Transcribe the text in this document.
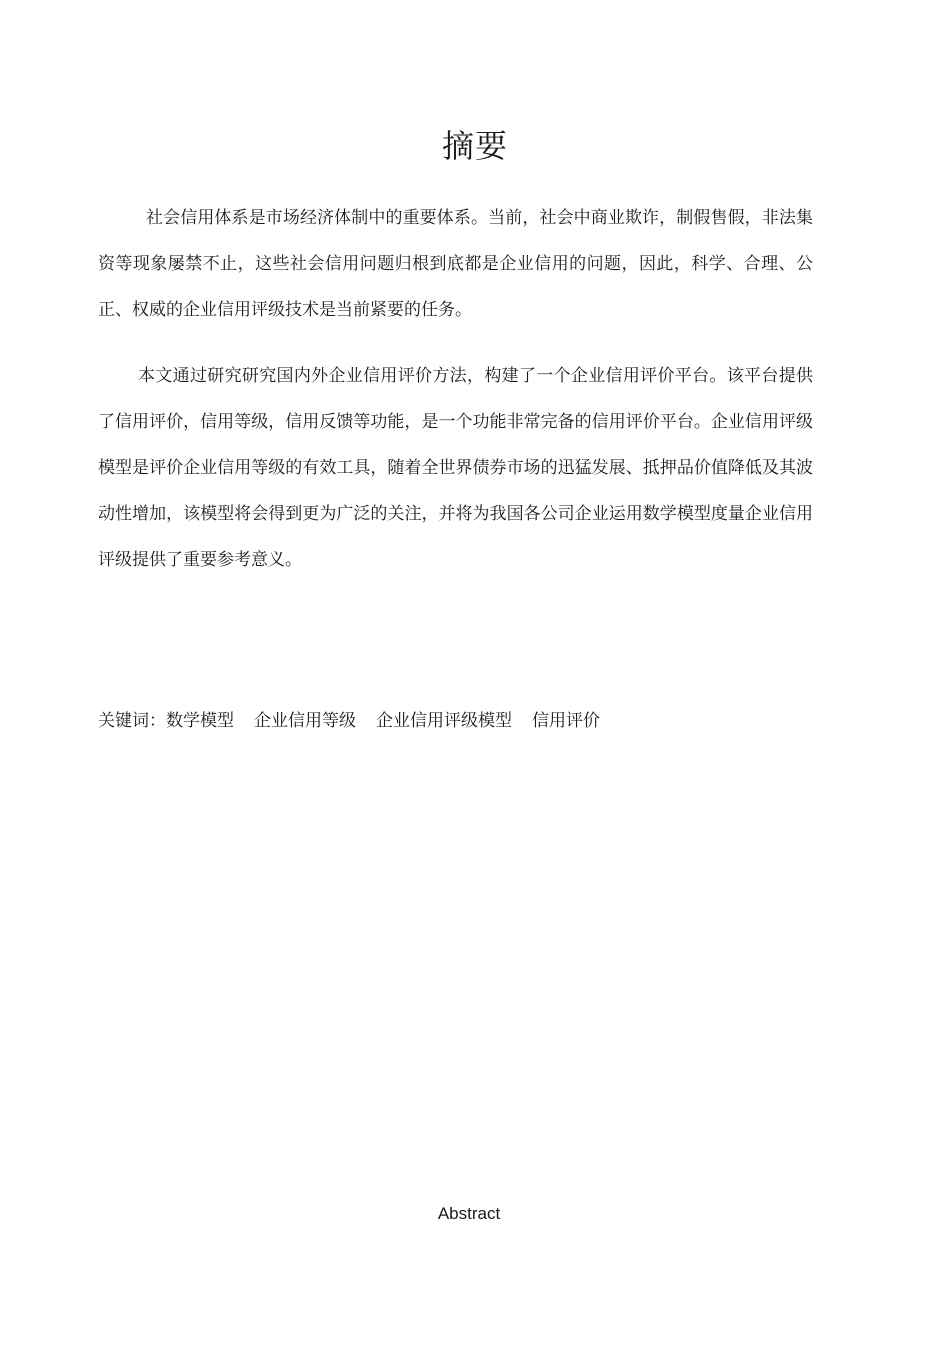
摘要

社会信用体系是市场经济体制中的重要体系。当前，社会中商业欺诈，制假售假，非法集资等现象屡禁不止，这些社会信用问题归根到底都是企业信用的问题，因此，科学、合理、公正、权威的企业信用评级技术是当前紧要的任务。

本文通过研究研究国内外企业信用评价方法，构建了一个企业信用评价平台。该平台提供了信用评价，信用等级，信用反馈等功能，是一个功能非常完备的信用评价平台。企业信用评级模型是评价企业信用等级的有效工具，随着全世界债券市场的迅猛发展、抵押品价值降低及其波动性增加，该模型将会得到更为广泛的关注，并将为我国各公司企业运用数学模型度量企业信用评级提供了重要参考意义。

关键词：数学模型 企业信用等级 企业信用评级模型 信用评价
Abstract
